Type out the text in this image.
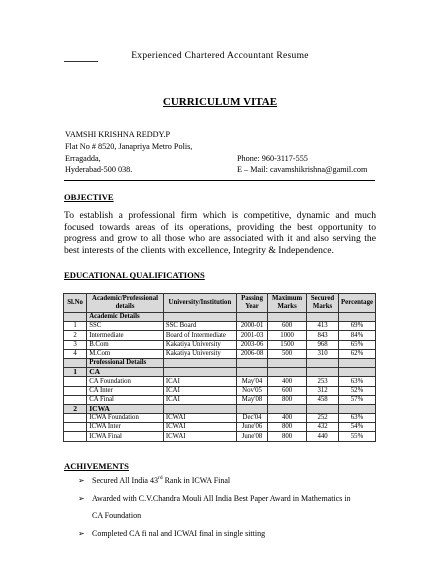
Experienced Chartered Accountant Resume
CURRICULUM VITAE
VAMSHI KRISHNA REDDY.P
Flat No # 8520, Janapriya Metro Polis,
Erragadda,
Hyderabad-500 038.
Phone: 960-3117-555
E – Mail: cavamshikrishna@gamil.com
OBJECTIVE
To establish a professional firm which is competitive, dynamic and much focused towards areas of its operations, providing the best opportunity to progress and grow to all those who are associated with it and also serving the best interests of the clients with excellence, Integrity & Independence.
EDUCATIONAL QUALIFICATIONS
Sl.No	Academic/Professional details	University/Institution	Passing Year	Maximum Marks	Secured Marks	Percentage
	Academic Details					
1	SSC	SSC Board	2000-01	600	413	69%
2	Intermediate	Board of Intermediate	2001-03	1000	843	84%
3	B.Com	Kakatiya University	2003-06	1500	968	65%
4	M.Com	Kakatiya University	2006-08	500	310	62%
	Professional Details					
1	CA					
	CA Foundation	ICAI	May'04	400	253	63%
	CA Inter	ICAI	Nov'05	600	312	52%
	CA Final	ICAI	May'08	800	458	57%
2	ICWA					
	ICWA Foundation	ICWAI	Dec'04	400	252	63%
	ICWA Inter	ICWAI	June'06	800	432	54%
	ICWA Final	ICWAI	June'08	800	440	55%
ACHIVEMENTS
➢ Secured All India 43rd Rank in ICWA Final
➢ Awarded with C.V.Chandra Mouli All India Best Paper Award in Mathematics in
CA Foundation
➢ Completed CA fi nal and ICWAI final in single sitting
